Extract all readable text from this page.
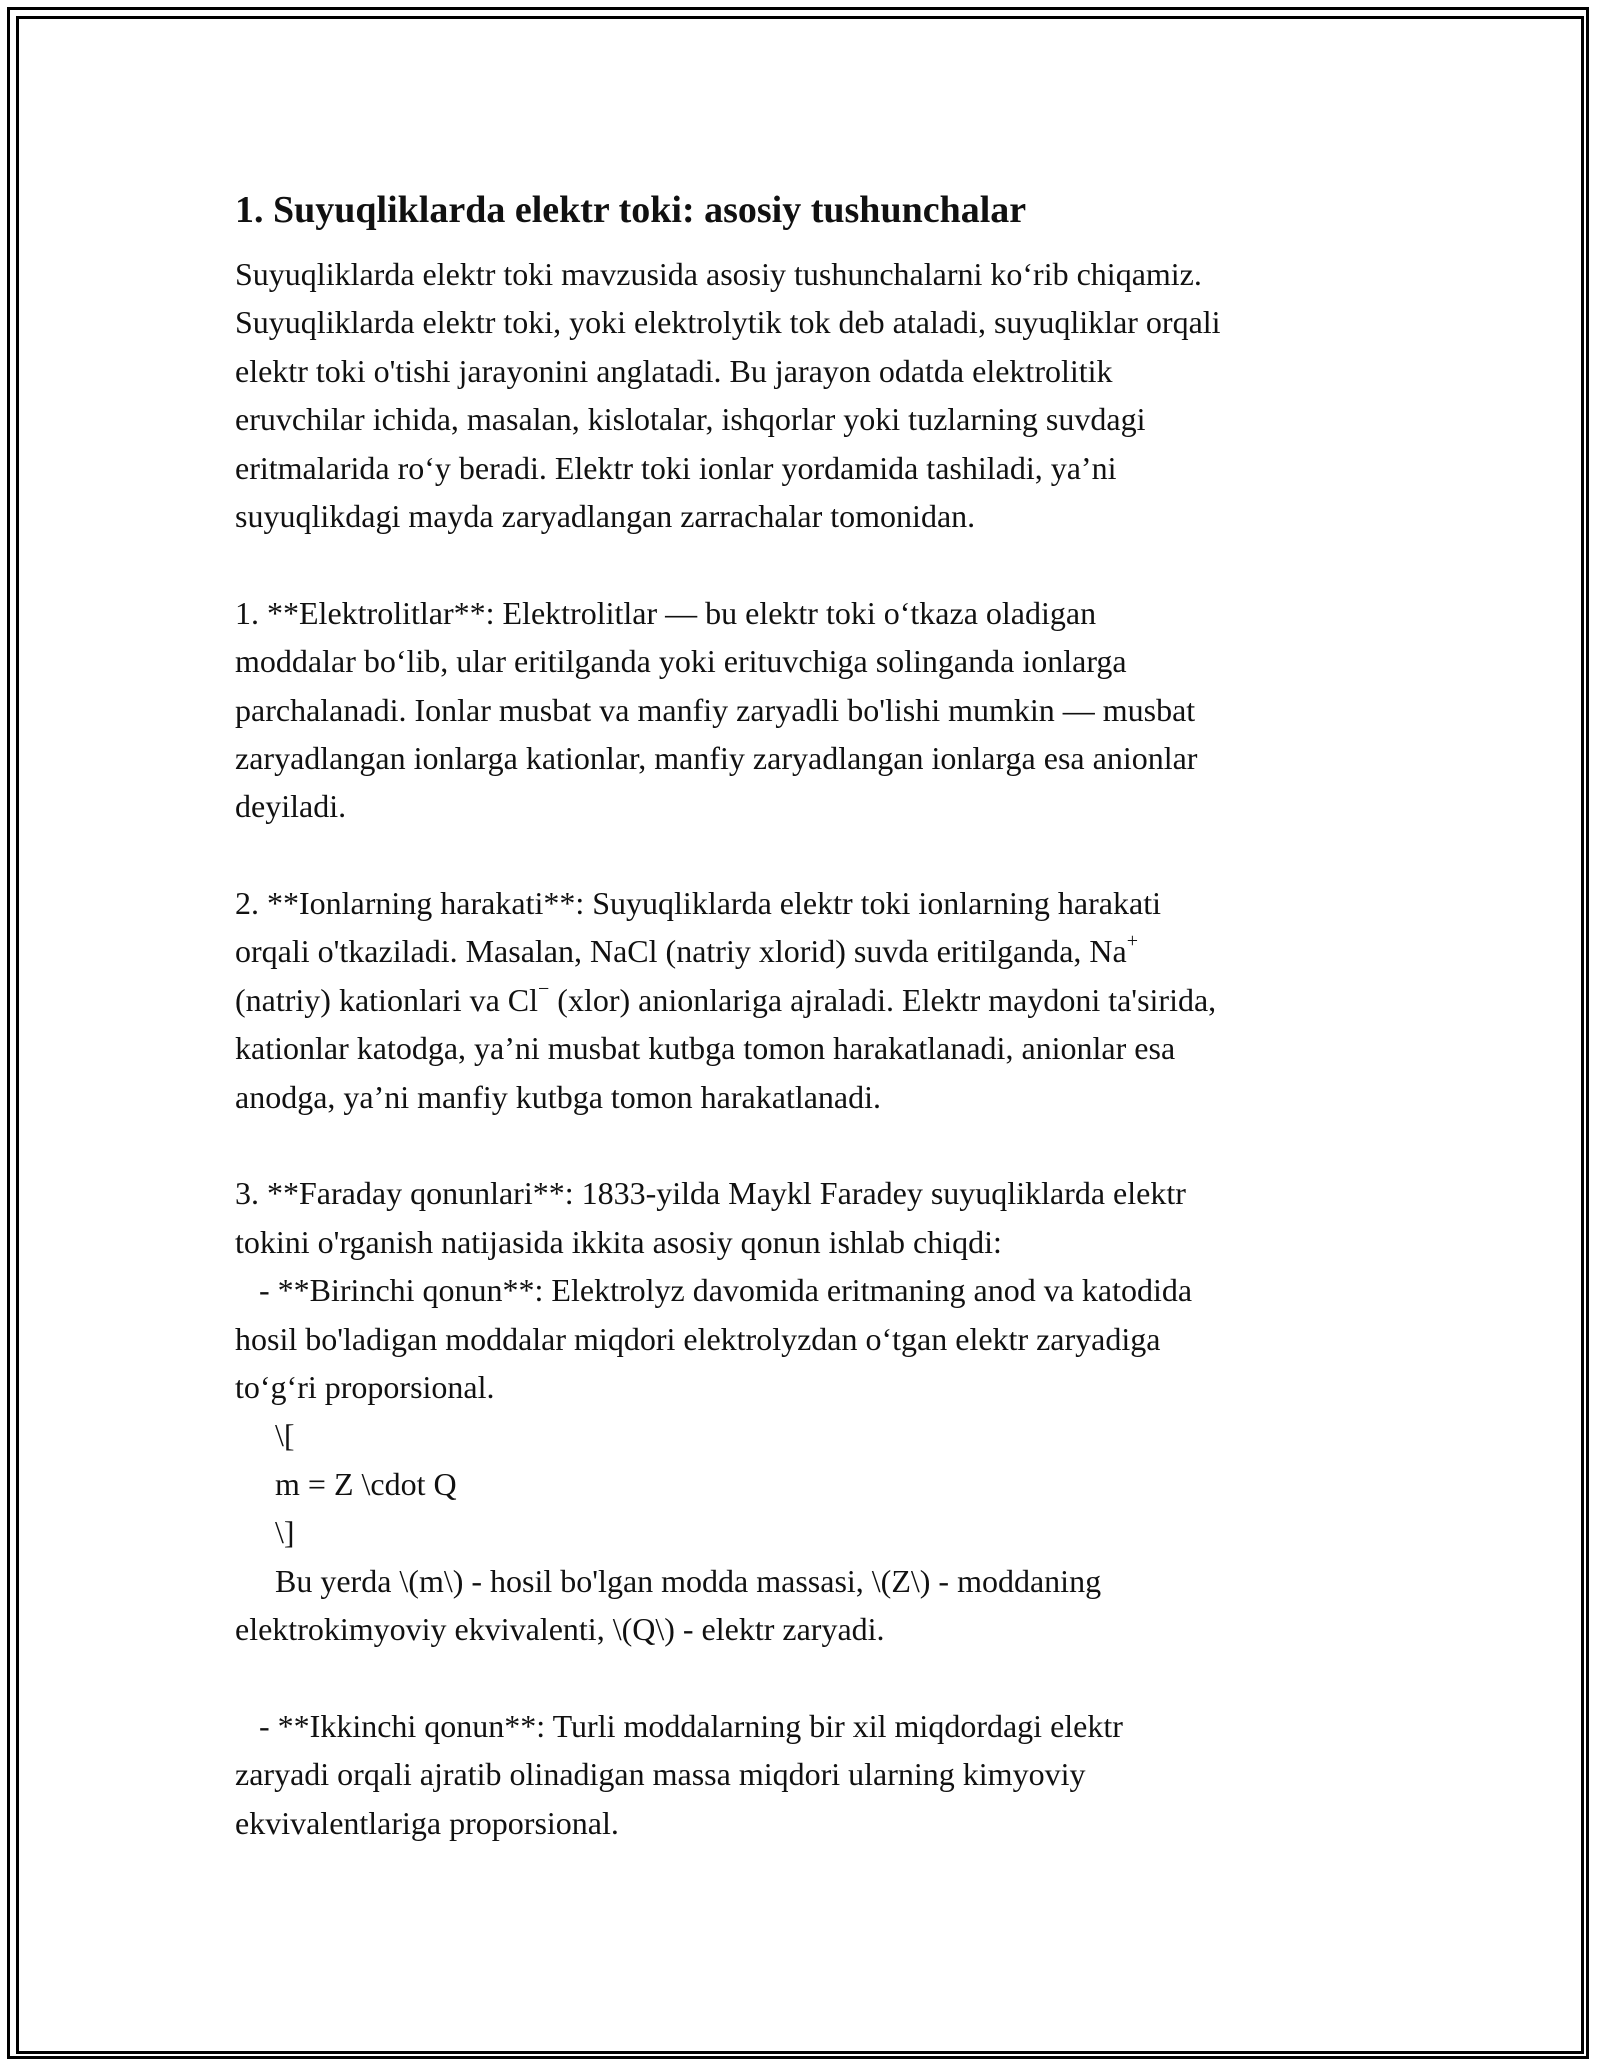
1. Suyuqliklarda elektr toki: asosiy tushunchalar
Suyuqliklarda elektr toki mavzusida asosiy tushunchalarni koʻrib chiqamiz.
Suyuqliklarda elektr toki, yoki elektrolytik tok deb ataladi, suyuqliklar orqali
elektr toki o'tishi jarayonini anglatadi. Bu jarayon odatda elektrolitik
eruvchilar ichida, masalan, kislotalar, ishqorlar yoki tuzlarning suvdagi
eritmalarida roʻy beradi. Elektr toki ionlar yordamida tashiladi, ya’ni
suyuqlikdagi mayda zaryadlangan zarrachalar tomonidan.
1. **Elektrolitlar**: Elektrolitlar — bu elektr toki oʻtkaza oladigan
moddalar boʻlib, ular eritilganda yoki erituvchiga solinganda ionlarga
parchalanadi. Ionlar musbat va manfiy zaryadli bo'lishi mumkin — musbat
zaryadlangan ionlarga kationlar, manfiy zaryadlangan ionlarga esa anionlar
deyiladi.
2. **Ionlarning harakati**: Suyuqliklarda elektr toki ionlarning harakati
orqali o'tkaziladi. Masalan, NaCl (natriy xlorid) suvda eritilganda, Na+
(natriy) kationlari va Cl− (xlor) anionlariga ajraladi. Elektr maydoni ta'sirida,
kationlar katodga, ya’ni musbat kutbga tomon harakatlanadi, anionlar esa
anodga, ya’ni manfiy kutbga tomon harakatlanadi.
3. **Faraday qonunlari**: 1833-yilda Maykl Faradey suyuqliklarda elektr
tokini o'rganish natijasida ikkita asosiy qonun ishlab chiqdi:
- **Birinchi qonun**: Elektrolyz davomida eritmaning anod va katodida
hosil bo'ladigan moddalar miqdori elektrolyzdan oʻtgan elektr zaryadiga
toʻgʻri proporsional.
\[
m = Z \cdot Q
\]
Bu yerda \(m\) - hosil bo'lgan modda massasi, \(Z\) - moddaning
elektrokimyoviy ekvivalenti, \(Q\) - elektr zaryadi.
- **Ikkinchi qonun**: Turli moddalarning bir xil miqdordagi elektr
zaryadi orqali ajratib olinadigan massa miqdori ularning kimyoviy
ekvivalentlariga proporsional.
